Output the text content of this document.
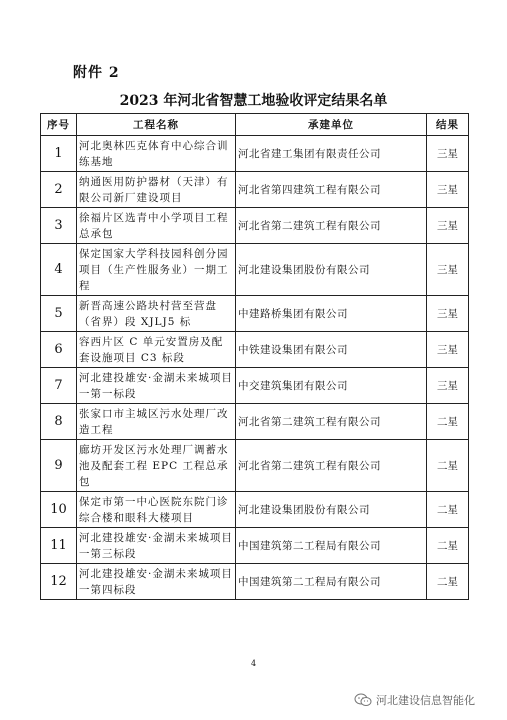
附件 2
2023 年河北省智慧工地验收评定结果名单
序号	工程名称	承建单位	结果
1	河北奥林匹克体育中心综合训练基地	河北省建工集团有限责任公司	三星
2	纳通医用防护器材（天津）有限公司新厂建设项目	河北省第四建筑工程有限公司	三星
3	徐福片区选青中小学项目工程总承包	河北省第二建筑工程有限公司	三星
4	保定国家大学科技园科创分园项目（生产性服务业）一期工程	河北建设集团股份有限公司	三星
5	新晋高速公路块村营至营盘（省界）段 XJLJ5 标	中建路桥集团有限公司	三星
6	容西片区 C 单元安置房及配套设施项目 C3 标段	中铁建设集团有限公司	三星
7	河北建投雄安·金湖未来城项目一第一标段	中交建筑集团有限公司	三星
8	张家口市主城区污水处理厂改造工程	河北省第二建筑工程有限公司	二星
9	廊坊开发区污水处理厂调蓄水池及配套工程 EPC 工程总承包	河北省第二建筑工程有限公司	二星
10	保定市第一中心医院东院门诊综合楼和眼科大楼项目	河北建设集团股份有限公司	二星
11	河北建投雄安·金湖未来城项目一第三标段	中国建筑第二工程局有限公司	二星
12	河北建投雄安·金湖未来城项目一第四标段	中国建筑第二工程局有限公司	二星
4
河北建设信息智能化
